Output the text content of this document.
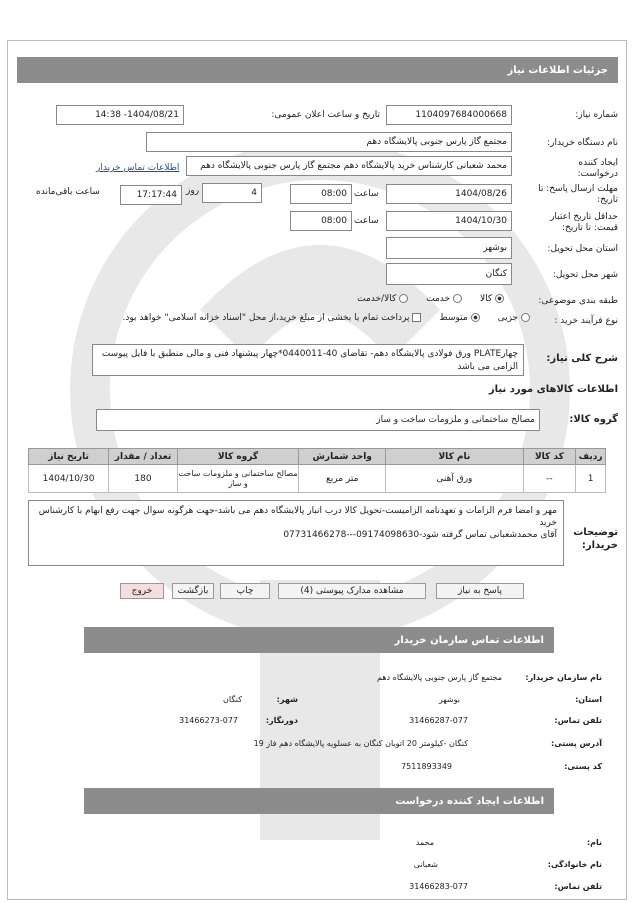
جزئیات اطلاعات نیاز
شماره نیاز:
1104097684000668
تاریخ و ساعت اعلان عمومی:
1404/08/21- 14:38
نام دستگاه خریدار:
مجتمع گاز پارس جنوبی پالایشگاه دهم
ایجاد کننده درخواست:
محمد شعبانی کارشناس خرید پالایشگاه دهم مجتمع گاز پارس جنوبی پالایشگاه دهم
اطلاعات تماس خریدار
مهلت ارسال پاسخ: تا تاریخ:
1404/08/26
ساعت
08:00
4
روز
17:17:44
ساعت باقی‌مانده
حداقل تاریخ اعتبار قیمت: تا تاریخ:
1404/10/30
ساعت
08:00
استان محل تحویل:
بوشهر
شهر محل تحویل:
کنگان
طبقه بندی موضوعی:
کالا
خدمت
کالا/خدمت
نوع فرآیند خرید :
جزیی
متوسط
پرداخت تمام یا بخشی از مبلغ خرید،از محل "اسناد خزانه اسلامی" خواهد بود.
شرح کلی نیاز:
چهارPLATE ورق فولادی پالایشگاه دهم- تقاضای 40-0440011*چهار پیشنهاد فنی و مالی منطبق با فایل پیوست الزامی می باشد
اطلاعات کالاهای مورد نیاز
گروه کالا:
مصالح ساختمانی و ملزومات ساخت و ساز
ردیف	کد کالا	نام کالا	واحد شمارش	گروه کالا	تعداد / مقدار	تاریخ نیاز
1	--	ورق آهنی	متر مربع	مصالح ساختمانی و ملزومات ساخت و ساز	180	1404/10/30
توضیحات خریدار:
مهر و امضا فرم الزامات و تعهدنامه الزامیست-تحویل کالا درب انبار پالایشگاه دهم می باشد-جهت هرگونه سوال جهت رفع ابهام با کارشناس خرید
آقای محمدشعبانی تماس گرفته شود-09174098630---07731466278
پاسخ به نیاز
مشاهده مدارک پیوستی (4)
چاپ
بازگشت
خروج
اطلاعات تماس سازمان خریدار
نام سازمان خریدار:
مجتمع گاز پارس جنوبی پالایشگاه دهم
استان:
بوشهر
شهر:
کنگان
تلفن تماس:
31466287-077
دورنگار:
31466273-077
آدرس پستی:
کنگان -کیلومتر 20 اتوبان کنگان به عسلویه پالایشگاه دهم فاز 19
کد پستی:
7511893349
اطلاعات ایجاد کننده درخواست
نام:
محمد
نام خانوادگی:
شعبانی
تلفن تماس:
31466283-077
